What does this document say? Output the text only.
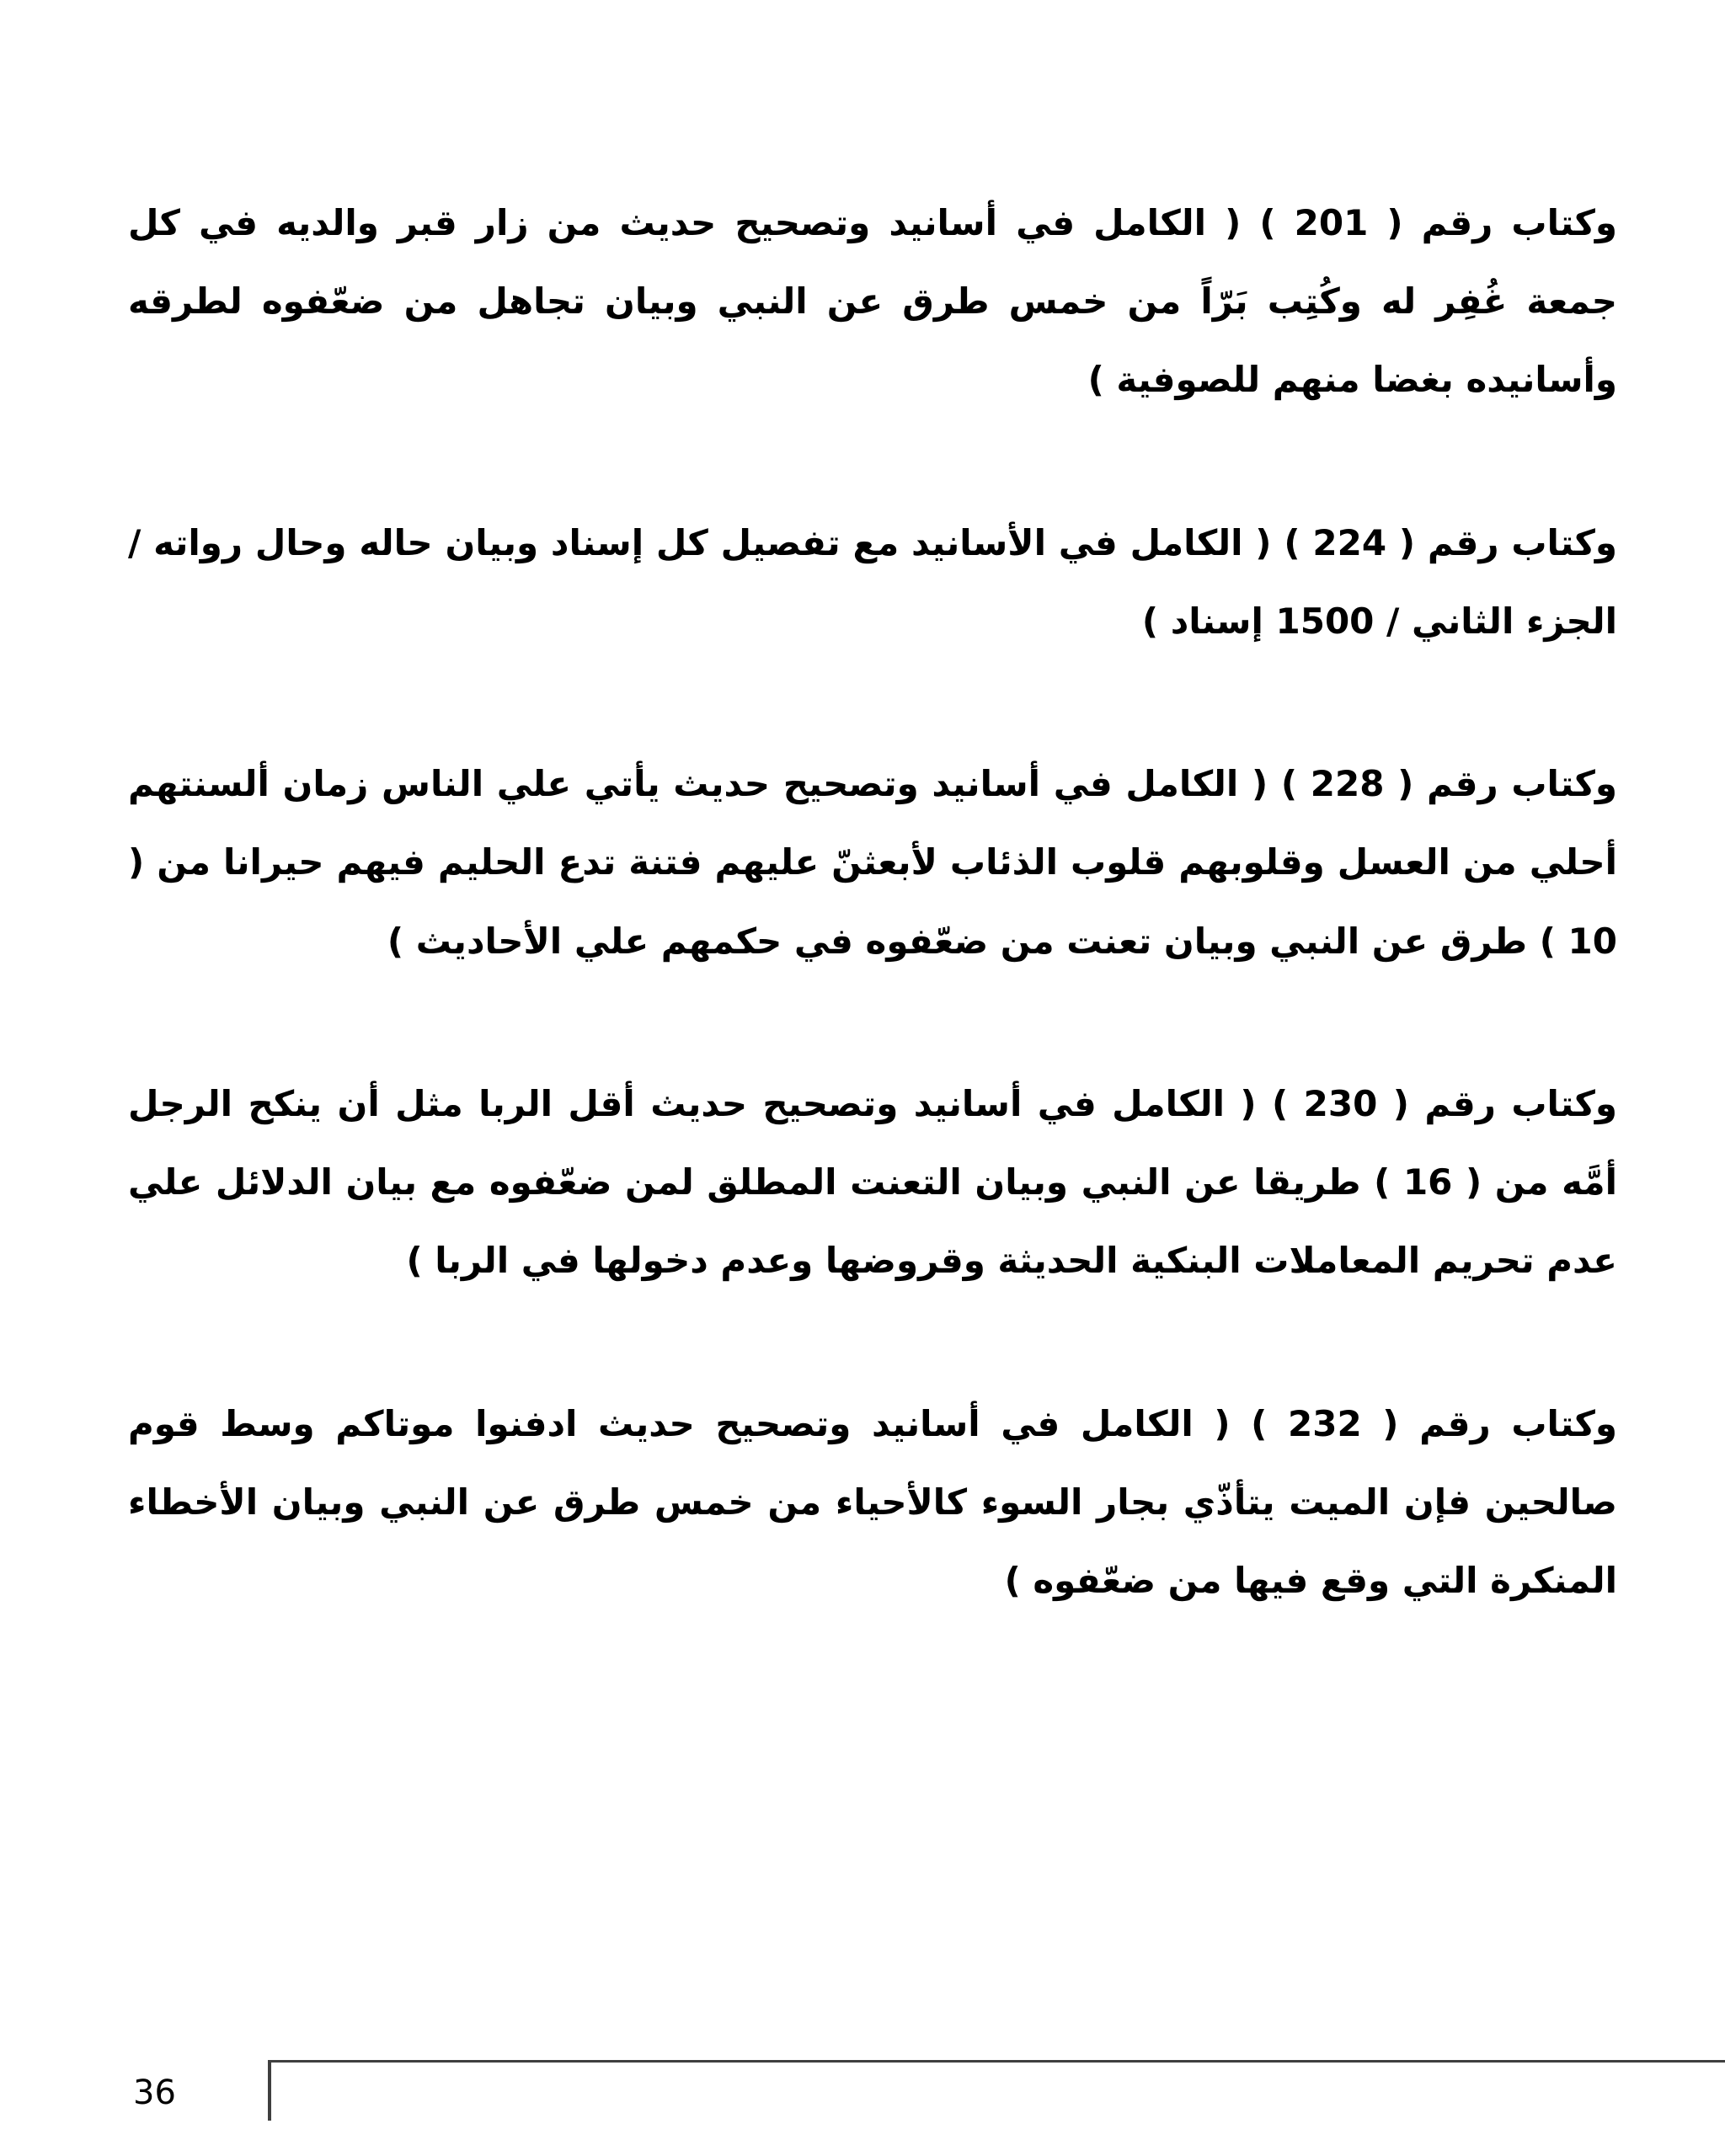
وكتاب رقم ( 201 ) ( الكامل في أسانيد وتصحيح حديث من زار قبر والديه في كل جمعة غُفِر له وكُتِب بَرّاً من خمس طرق عن النبي وبيان تجاهل من ضعّفوه لطرقه وأسانيده بغضا منهم للصوفية )

وكتاب رقم ( 224 ) ( الكامل في الأسانيد مع تفصيل كل إسناد وبيان حاله وحال رواته / الجزء الثاني / 1500 إسناد )

وكتاب رقم ( 228 ) ( الكامل في أسانيد وتصحيح حديث يأتي علي الناس زمان ألسنتهم أحلي من العسل وقلوبهم قلوب الذئاب لأبعثنّ عليهم فتنة تدع الحليم فيهم حيرانا من ( 10 ) طرق عن النبي وبيان تعنت من ضعّفوه في حكمهم علي الأحاديث )

وكتاب رقم ( 230 ) ( الكامل في أسانيد وتصحيح حديث أقل الربا مثل أن ينكح الرجل أمَّه من ( 16 ) طريقا عن النبي وبيان التعنت المطلق لمن ضعّفوه مع بيان الدلائل علي عدم تحريم المعاملات البنكية الحديثة وقروضها وعدم دخولها في الربا )

وكتاب رقم ( 232 ) ( الكامل في أسانيد وتصحيح حديث ادفنوا موتاكم وسط قوم صالحين فإن الميت يتأذّي بجار السوء كالأحياء من خمس طرق عن النبي وبيان الأخطاء المنكرة التي وقع فيها من ضعّفوه )

36
